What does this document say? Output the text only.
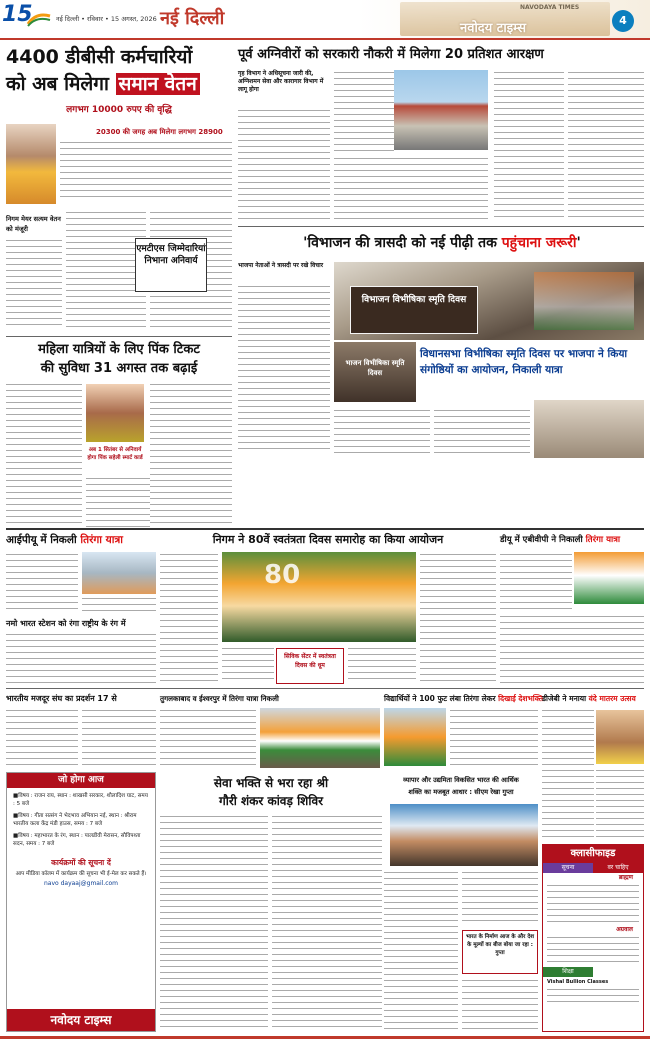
15	नई दिल्ली • रविवार • 15 अगस्त, 2026 नई दिल्ली	नवोदय टाइम्स
NAVODAYA TIMES
4
4400 डीबीसी कर्मचारियों
को अब मिलेगा समान वेतन
लगभग 10000 रुपए की वृद्धि
20300 की जगह अब मिलेगा लगभग 28900
निगम मेयर सत्यम वेतन को मंजूरी
एमटीएस जिम्मेदारियां निभाना अनिवार्य
महिला यात्रियों के लिए पिंक टिकट
की सुविधा 31 अगस्त तक बढ़ाई
अब 1 सितंबर से अनिवार्य होगा पिंक सहेली स्मार्ट कार्ड
पूर्व अग्निवीरों को सरकारी नौकरी में मिलेगा 20 प्रतिशत आरक्षण
गृह विभाग ने अधिसूचना जारी की, अग्निशमन सेवा और कारागार विभाग में लागू होगा
'विभाजन की त्रासदी को नई पीढ़ी तक पहुंचाना जरूरी'
भाजपा नेताओं ने त्रासदी पर रखे विचार
विभाजन विभीषिका स्मृति दिवस
भाजन विभीषिका स्मृति दिवस
विधानसभा विभीषिका स्मृति दिवस पर भाजपा ने किया संगोष्ठियों का आयोजन, निकाली यात्रा
आईपीयू में निकली तिरंगा यात्रा
नमो भारत स्टेशन को रंगा राष्ट्रीय के रंग में
निगम ने 80वें स्वतंत्रता दिवस समारोह का किया आयोजन
80
सिविक सेंटर में स्वतंत्रता दिवस की धूम
डीयू में एबीवीपी ने निकाली तिरंगा यात्रा
भारतीय मजदूर संघ का प्रदर्शन 17 से	तुगलकाबाद व ईश्वरपुर में तिरंगा यात्रा निकली	विद्यार्थियों ने 100 फुट लंबा तिरंगा लेकर दिखाई देशभक्ति
डीजेबी ने मनाया वंदे मातरम उत्सव
जो होगा आज
■विषय : राजन राय, स्थान : शाखसी सरकार, शौलादिश घाट, समय : 5 बजे
■विषय : गीता सत्संग ने भेदभाव अभियान नई, स्थान : श्रीराम भारतीय कला केंद्र मंडी हाउस, समय : 7 बजे
■विषय : महाभारत के रंग, स्थान : पालडीवी मेरासन, सौविपश्ता सदन, समय : 7 बजे
कार्यक्रमों की सूचना दें
आप मीडिया कॉलम में कार्यक्रम की सूचना भी ई-मेल कर सकते हैं।
navo dayaaj@gmail.com
नवोदय टाइम्स
सेवा भक्ति से भरा रहा श्री
गौरी शंकर कांवड़ शिविर
व्यापार और उद्यमिता विकसित भारत की आर्थिक
शक्ति का मजबूत आधार : सीएम रेखा गुप्ता
भारत के निर्माण आज के और देश के मूल्यों का बीज बोया जा रहा : गुप्ता
क्लासीफाइड
सूचना	वर चाहिए
ब्राह्मण
अग्रवाल
शिक्षा
Vishal Bullion Classes
